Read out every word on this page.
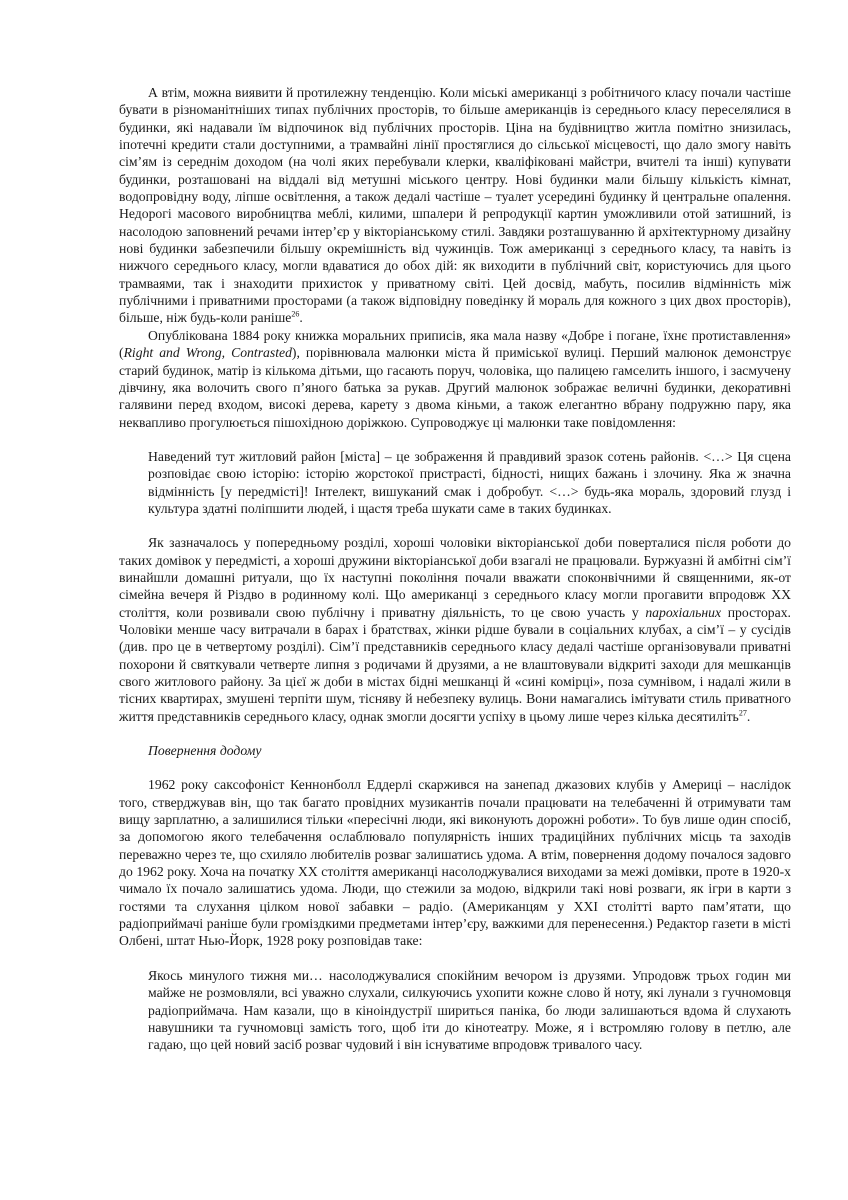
А втім, можна виявити й протилежну тенденцію. Коли міські американці з робітничого класу почали частіше бувати в різноманітніших типах публічних просторів, то більше американців із середнього класу переселялися в будинки, які надавали їм відпочинок від публічних просторів. Ціна на будівництво житла помітно знизилась, іпотечні кредити стали доступними, а трамвайні лінії простяглися до сільської місцевості, що дало змогу навіть сім’ям із середнім доходом (на чолі яких перебували клерки, кваліфіковані майстри, вчителі та інші) купувати будинки, розташовані на віддалі від метушні міського центру. Нові будинки мали більшу кількість кімнат, водопровідну воду, ліпше освітлення, а також дедалі частіше – туалет усередині будинку й центральне опалення. Недорогі масового виробництва меблі, килими, шпалери й репродукції картин уможливили отой затишний, із насолодою заповнений речами інтер’єр у вікторіанському стилі. Завдяки розташуванню й архітектурному дизайну нові будинки забезпечили більшу окремішність від чужинців. Тож американці з середнього класу, та навіть із нижчого середнього класу, могли вдаватися до обох дій: як виходити в публічний світ, користуючись для цього трамваями, так і знаходити прихисток у приватному світі. Цей досвід, мабуть, посилив відмінність між публічними і приватними просторами (а також відповідну поведінку й мораль для кожного з цих двох просторів), більше, ніж будь-коли раніше$^{26}$.

Опублікована 1884 року книжка моральних приписів, яка мала назву «Добре і погане, їхнє протиставлення» (Right and Wrong, Contrasted), порівнювала малюнки міста й приміської вулиці. Перший малюнок демонструє старий будинок, матір із кількома дітьми, що гасають поруч, чоловіка, що палицею гамселить іншого, і засмучену дівчину, яка волочить свого п’яного батька за рукав. Другий малюнок зображає величні будинки, декоративні галявини перед входом, високі дерева, карету з двома кіньми, а також елегантно вбрану подружню пару, яка неквапливо прогулюється пішохідною доріжкою. Супроводжує ці малюнки таке повідомлення:

Наведений тут житловий район [міста] – це зображення й правдивий зразок сотень районів. <…> Ця сцена розповідає свою історію: історію жорстокої пристрасті, бідності, нищих бажань і злочину. Яка ж значна відмінність [у передмісті]! Інтелект, вишуканий смак і добробут. <…> будь-яка мораль, здоровий глузд і культура здатні поліпшити людей, і щастя треба шукати саме в таких будинках.

Як зазначалось у попередньому розділі, хороші чоловіки вікторіанської доби поверталися після роботи до таких домівок у передмісті, а хороші дружини вікторіанської доби взагалі не працювали. Буржуазні й амбітні сім’ї винайшли домашні ритуали, що їх наступні покоління почали вважати споконвічними й священними, як-от сімейна вечеря й Різдво в родинному колі. Що американці з середнього класу могли прогавити впродовж XX століття, коли розвивали свою публічну і приватну діяльність, то це свою участь у парохіальних просторах. Чоловіки менше часу витрачали в барах і братствах, жінки рідше бували в соціальних клубах, а сім’ї – у сусідів (див. про це в четвертому розділі). Сім’ї представників середнього класу дедалі частіше організовували приватні похорони й святкували четверте липня з родичами й друзями, а не влаштовували відкриті заходи для мешканців свого житлового району. За цієї ж доби в містах бідні мешканці й «сині комірці», поза сумнівом, і надалі жили в тісних квартирах, змушені терпіти шум, тісняву й небезпеку вулиць. Вони намагались імітувати стиль приватного життя представників середнього класу, однак змогли досягти успіху в цьому лише через кілька десятиліть$^{27}$.

Повернення додому

1962 року саксофоніст Кеннонболл Еддерлі скаржився на занепад джазових клубів у Америці – наслідок того, стверджував він, що так багато провідних музикантів почали працювати на телебаченні й отримувати там вищу зарплатню, а залишилися тільки «пересічні люди, які виконують дорожні роботи». То був лише один спосіб, за допомогою якого телебачення ослаблювало популярність інших традиційних публічних місць та заходів переважно через те, що схиляло любителів розваг залишатись удома. А втім, повернення додому почалося задовго до 1962 року. Хоча на початку XX століття американці насолоджувалися виходами за межі домівки, проте в 1920-х чимало їх почало залишатись удома. Люди, що стежили за модою, відкрили такі нові розваги, як ігри в карти з гостями та слухання цілком нової забавки – радіо. (Американцям у XXI столітті варто пам’ятати, що радіоприймачі раніше були громіздкими предметами інтер’єру, важкими для перенесення.) Редактор газети в місті Олбені, штат Нью-Йорк, 1928 року розповідав таке:

Якось минулого тижня ми… насолоджувалися спокійним вечором із друзями. Упродовж трьох годин ми майже не розмовляли, всі уважно слухали, силкуючись ухопити кожне слово й ноту, які лунали з гучномовця радіоприймача. Нам казали, що в кіноіндустрії шириться паніка, бо люди залишаються вдома й слухають навушники та гучномовці замість того, щоб іти до кінотеатру. Може, я і встромляю голову в петлю, але гадаю, що цей новий засіб розваг чудовий і він існуватиме впродовж тривалого часу.
